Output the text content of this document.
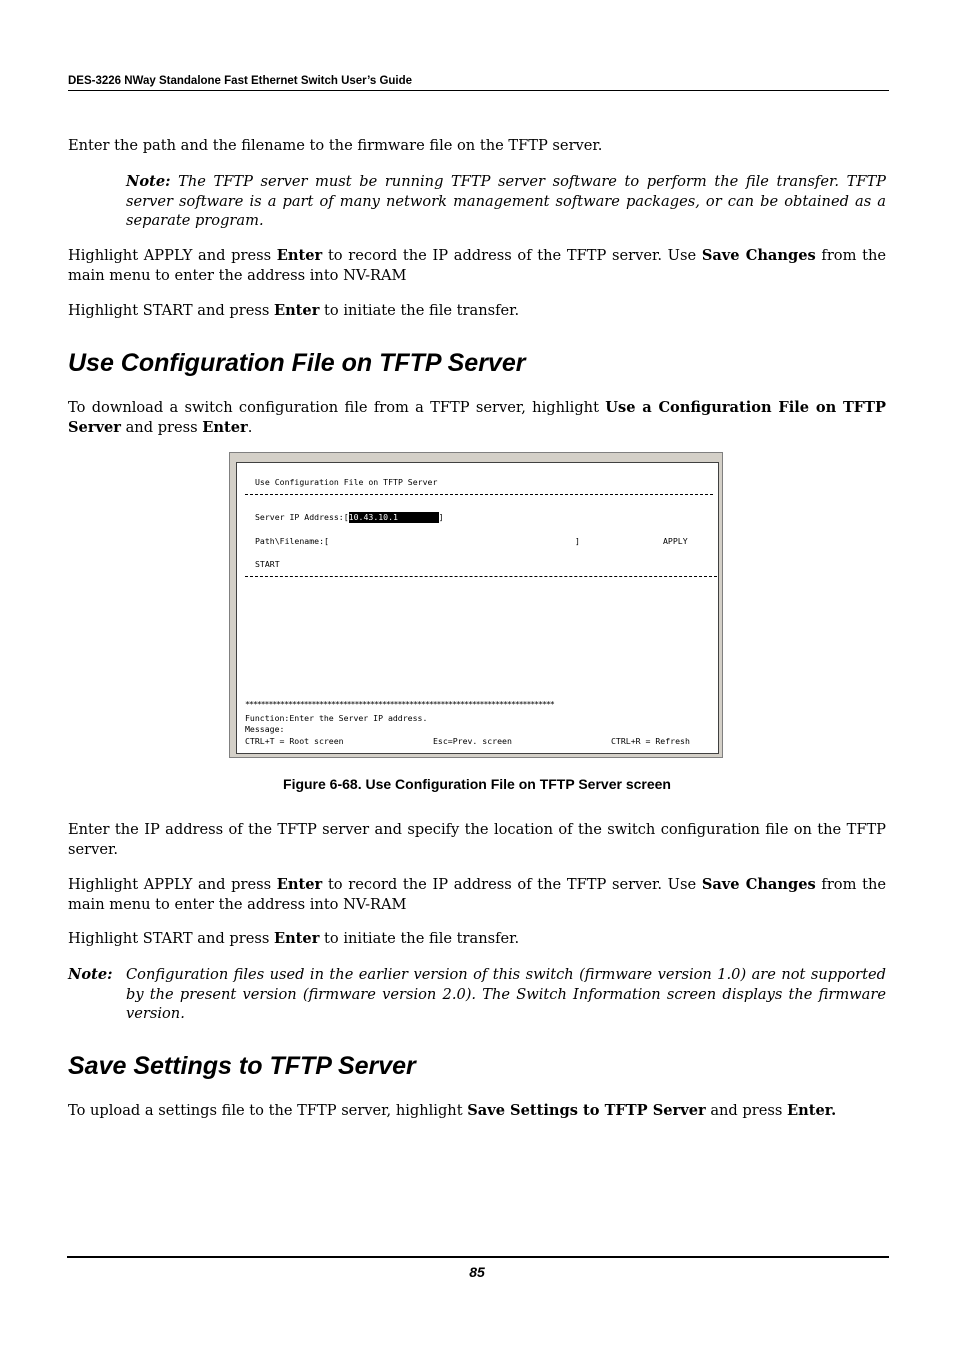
DES-3226 NWay Standalone Fast Ethernet Switch User’s Guide

Enter the path and the filename to the firmware file on the TFTP server.

Note: The TFTP server must be running TFTP server software to perform the file transfer. TFTP server software is a part of many network management software packages, or can be obtained as a separate program.

Highlight APPLY and press Enter to record the IP address of the TFTP server. Use Save Changes from the main menu to enter the address into NV-RAM

Highlight START and press Enter to initiate the file transfer.

Use Configuration File on TFTP Server

To download a switch configuration file from a TFTP server, highlight Use a Configuration File on TFTP Server and press Enter.

Use Configuration File on TFTP Server
Server IP Address:[10.43.10.1	]
Path\Filename:[	]	APPLY
START
*******************************************************************************
Function:Enter the Server IP address.
Message:
CTRL+T = Root screen	Esc=Prev. screen	CTRL+R = Refresh
Figure 6-68. Use Configuration File on TFTP Server screen

Enter the IP address of the TFTP server and specify the location of the switch configuration file on the TFTP server.

Highlight APPLY and press Enter to record the IP address of the TFTP server. Use Save Changes from the main menu to enter the address into NV-RAM

Highlight START and press Enter to initiate the file transfer.

Note: Configuration files used in the earlier version of this switch (firmware version 1.0) are not supported by the present version (firmware version 2.0). The Switch Information screen displays the firmware version.
Save Settings to TFTP Server

To upload a settings file to the TFTP server, highlight Save Settings to TFTP Server and press Enter.

85
